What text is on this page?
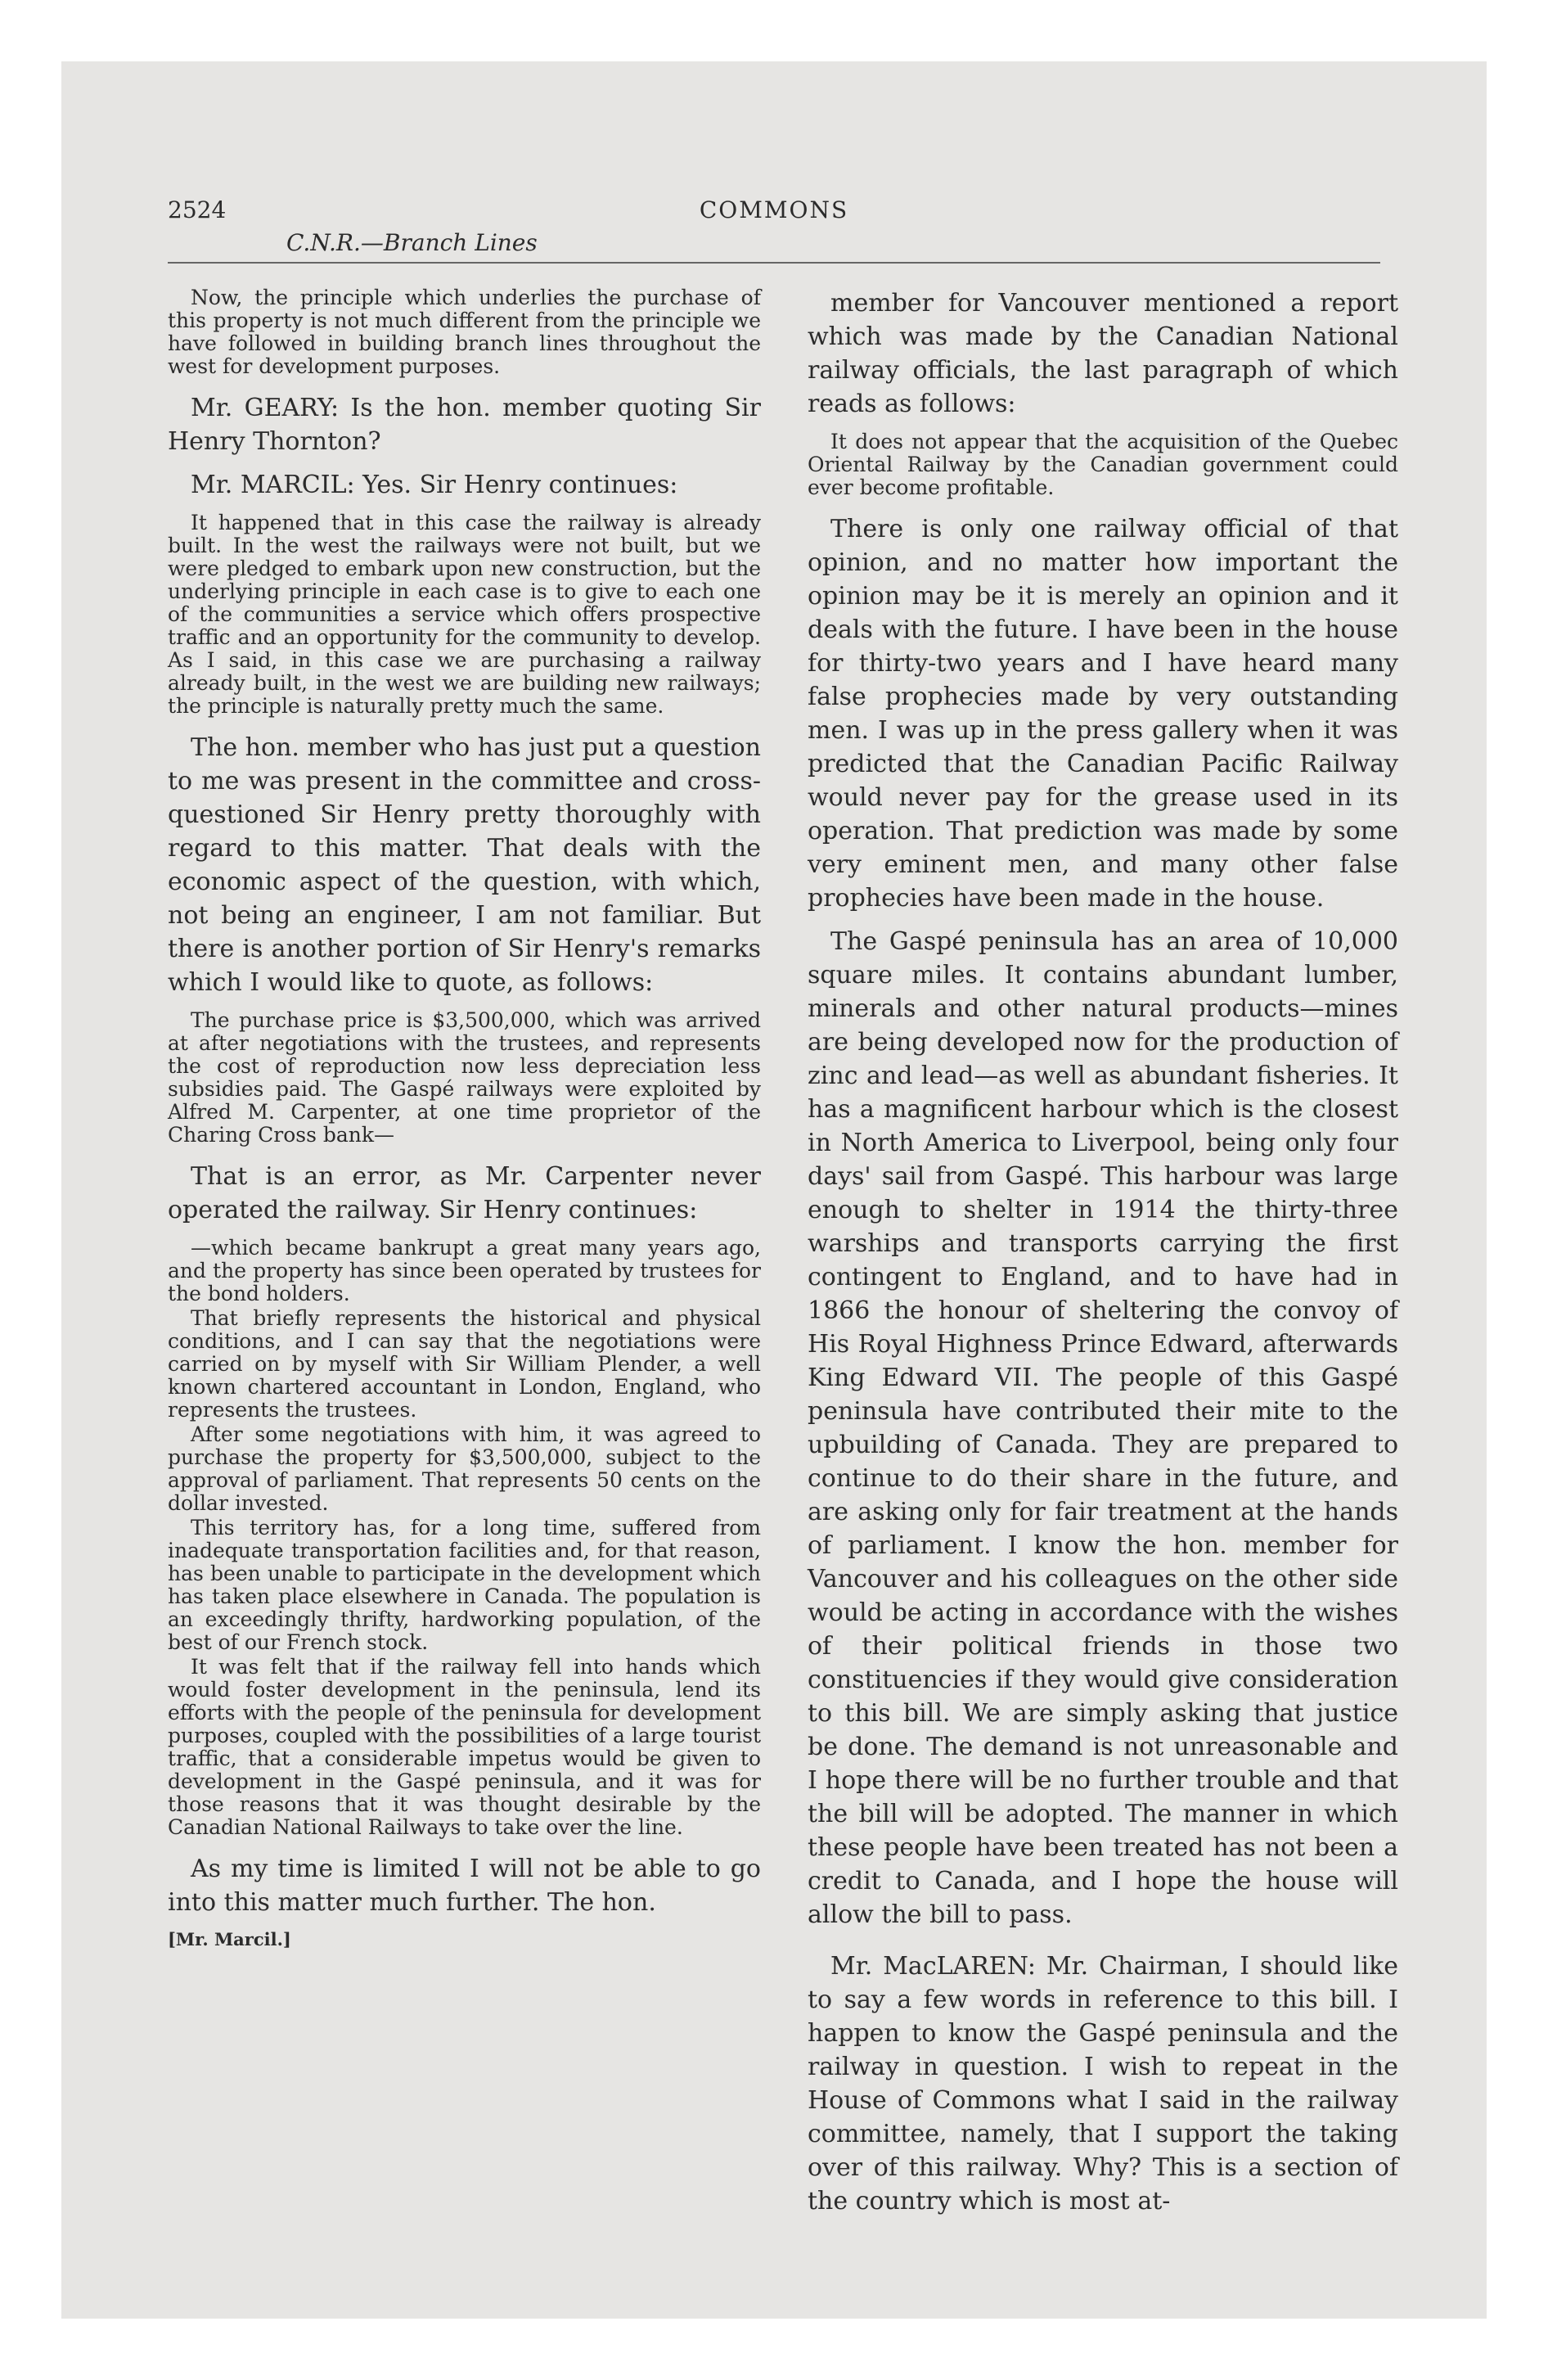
2524	COMMONS
C.N.R.—Branch Lines

Now, the principle which underlies the purchase of this property is not much different from the principle we have followed in building branch lines throughout the west for development purposes.

Mr. GEARY: Is the hon. member quoting Sir Henry Thornton?

Mr. MARCIL: Yes. Sir Henry continues:

It happened that in this case the railway is already built. In the west the railways were not built, but we were pledged to embark upon new construction, but the underlying principle in each case is to give to each one of the communities a service which offers prospective traffic and an opportunity for the community to develop. As I said, in this case we are purchasing a railway already built, in the west we are building new railways; the principle is naturally pretty much the same.

The hon. member who has just put a question to me was present in the committee and cross-questioned Sir Henry pretty thoroughly with regard to this matter. That deals with the economic aspect of the question, with which, not being an engineer, I am not familiar. But there is another portion of Sir Henry's remarks which I would like to quote, as follows:

The purchase price is $3,500,000, which was arrived at after negotiations with the trustees, and represents the cost of reproduction now less depreciation less subsidies paid. The Gaspé railways were exploited by Alfred M. Carpenter, at one time proprietor of the Charing Cross bank—

That is an error, as Mr. Carpenter never operated the railway. Sir Henry continues:

—which became bankrupt a great many years ago, and the property has since been operated by trustees for the bond holders.

That briefly represents the historical and physical conditions, and I can say that the negotiations were carried on by myself with Sir William Plender, a well known chartered accountant in London, England, who represents the trustees.

After some negotiations with him, it was agreed to purchase the property for $3,500,000, subject to the approval of parliament. That represents 50 cents on the dollar invested.

This territory has, for a long time, suffered from inadequate transportation facilities and, for that reason, has been unable to participate in the development which has taken place elsewhere in Canada. The population is an exceedingly thrifty, hardworking population, of the best of our French stock.

It was felt that if the railway fell into hands which would foster development in the peninsula, lend its efforts with the people of the peninsula for development purposes, coupled with the possibilities of a large tourist traffic, that a considerable impetus would be given to development in the Gaspé peninsula, and it was for those reasons that it was thought desirable by the Canadian National Railways to take over the line.

As my time is limited I will not be able to go into this matter much further. The hon.

[Mr. Marcil.]

member for Vancouver mentioned a report which was made by the Canadian National railway officials, the last paragraph of which reads as follows:

It does not appear that the acquisition of the Quebec Oriental Railway by the Canadian government could ever become profitable.

There is only one railway official of that opinion, and no matter how important the opinion may be it is merely an opinion and it deals with the future. I have been in the house for thirty-two years and I have heard many false prophecies made by very outstanding men. I was up in the press gallery when it was predicted that the Canadian Pacific Railway would never pay for the grease used in its operation. That prediction was made by some very eminent men, and many other false prophecies have been made in the house.

The Gaspé peninsula has an area of 10,000 square miles. It contains abundant lumber, minerals and other natural products—mines are being developed now for the production of zinc and lead—as well as abundant fisheries. It has a magnificent harbour which is the closest in North America to Liverpool, being only four days' sail from Gaspé. This harbour was large enough to shelter in 1914 the thirty-three warships and transports carrying the first contingent to England, and to have had in 1866 the honour of sheltering the convoy of His Royal Highness Prince Edward, afterwards King Edward VII. The people of this Gaspé peninsula have contributed their mite to the upbuilding of Canada. They are prepared to continue to do their share in the future, and are asking only for fair treatment at the hands of parliament. I know the hon. member for Vancouver and his colleagues on the other side would be acting in accordance with the wishes of their political friends in those two constituencies if they would give consideration to this bill. We are simply asking that justice be done. The demand is not unreasonable and I hope there will be no further trouble and that the bill will be adopted. The manner in which these people have been treated has not been a credit to Canada, and I hope the house will allow the bill to pass.

Mr. MacLAREN: Mr. Chairman, I should like to say a few words in reference to this bill. I happen to know the Gaspé peninsula and the railway in question. I wish to repeat in the House of Commons what I said in the railway committee, namely, that I support the taking over of this railway. Why? This is a section of the country which is most at-
